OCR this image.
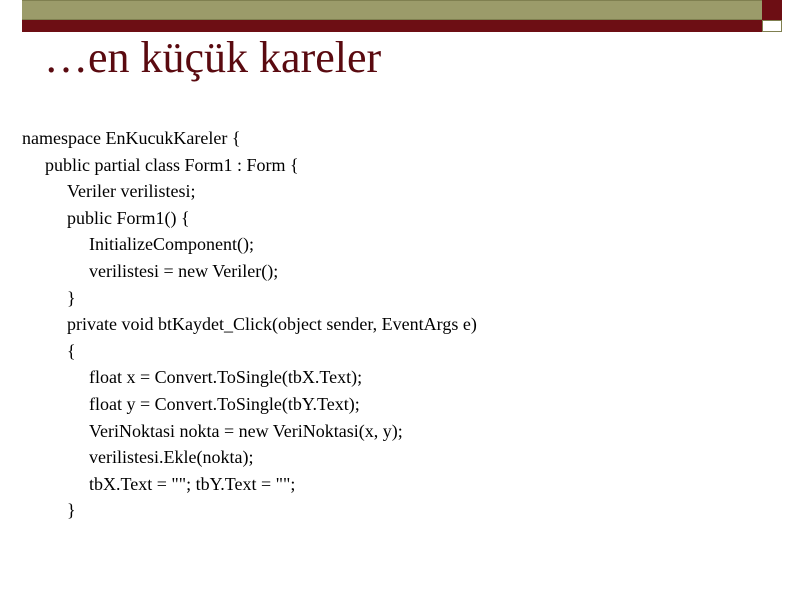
…en küçük kareler
namespace EnKucukKareler {
public partial class Form1 : Form {
Veriler verilistesi;
public Form1() {
InitializeComponent();
verilistesi = new Veriler();
}
private void btKaydet_Click(object sender, EventArgs e)
{
float x = Convert.ToSingle(tbX.Text);
float y = Convert.ToSingle(tbY.Text);
VeriNoktasi nokta = new VeriNoktasi(x, y);
verilistesi.Ekle(nokta);
tbX.Text = ""; tbY.Text = "";
}
